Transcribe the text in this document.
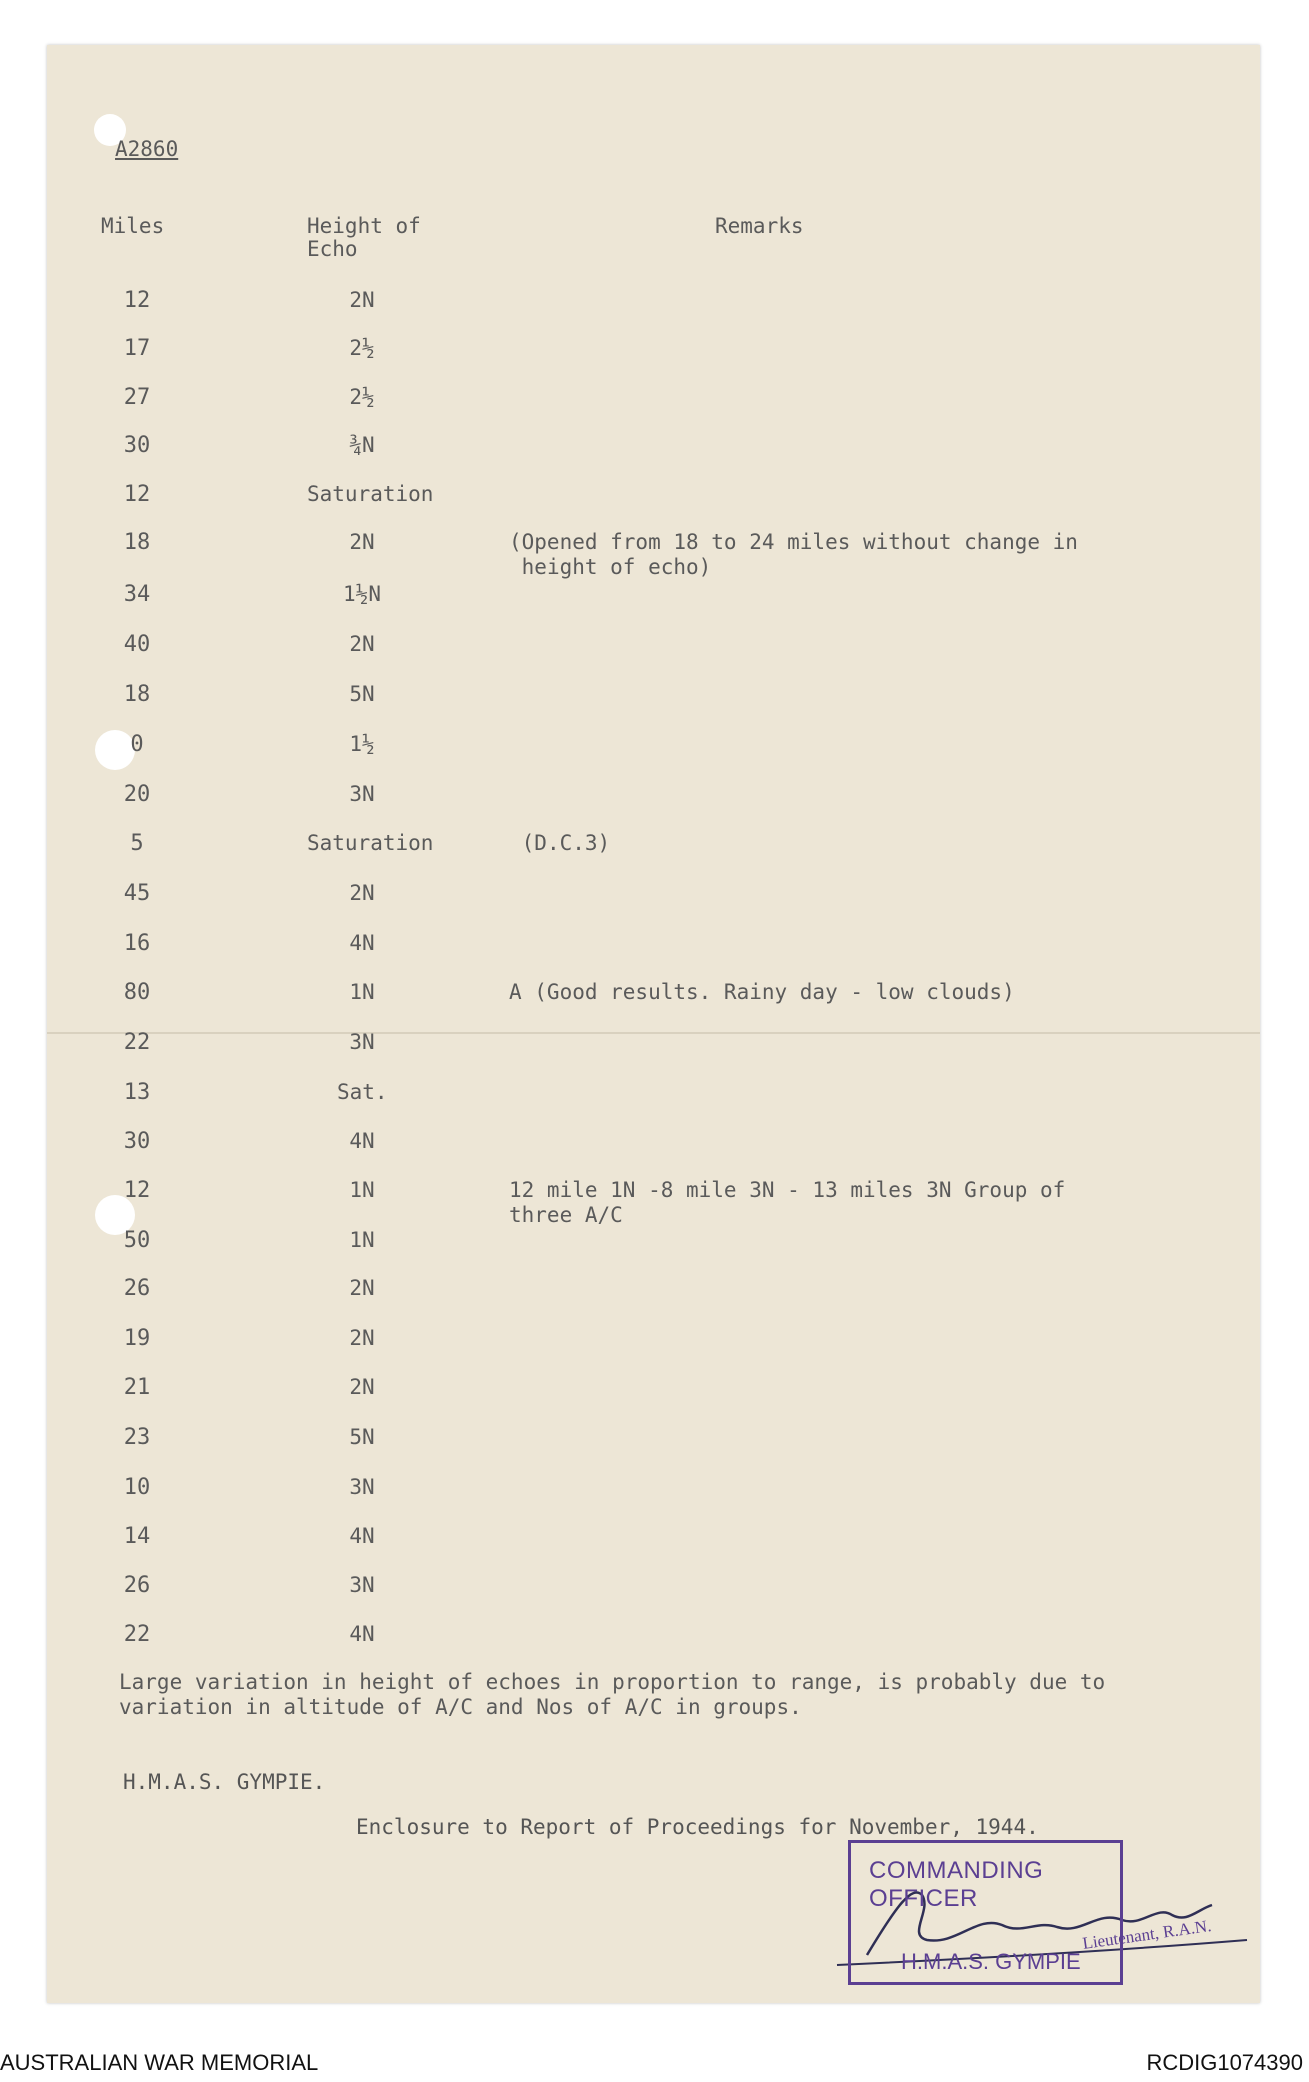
A2860
Miles	Height of
Echo
Remarks
12	2N
17	2½
27	2½
30	¾N
12	Saturation
18	2N	(Opened from 18 to 24 miles without change in
height of echo)
34	1½N
40	2N
18	5N
0	1½
20	3N
5	Saturation	(D.C.3)
45	2N
16	4N
80	1N	A (Good results. Rainy day - low clouds)
22	3N
13	Sat.
30	4N
12	1N	12 mile 1N -8 mile 3N - 13 miles 3N Group of
three A/C
50	1N
26	2N
19	2N
21	2N
23	5N
10	3N
14	4N
26	3N
22	4N
Large variation in height of echoes in proportion to range, is probably due to variation in altitude of A/C and Nos of A/C in groups.
H.M.A.S. GYMPIE.
Enclosure to Report of Proceedings for November, 1944.
COMMANDING OFFICER
H.M.A.S. GYMPIE
Lieutenant, R.A.N.
AUSTRALIAN WAR MEMORIAL	RCDIG1074390
